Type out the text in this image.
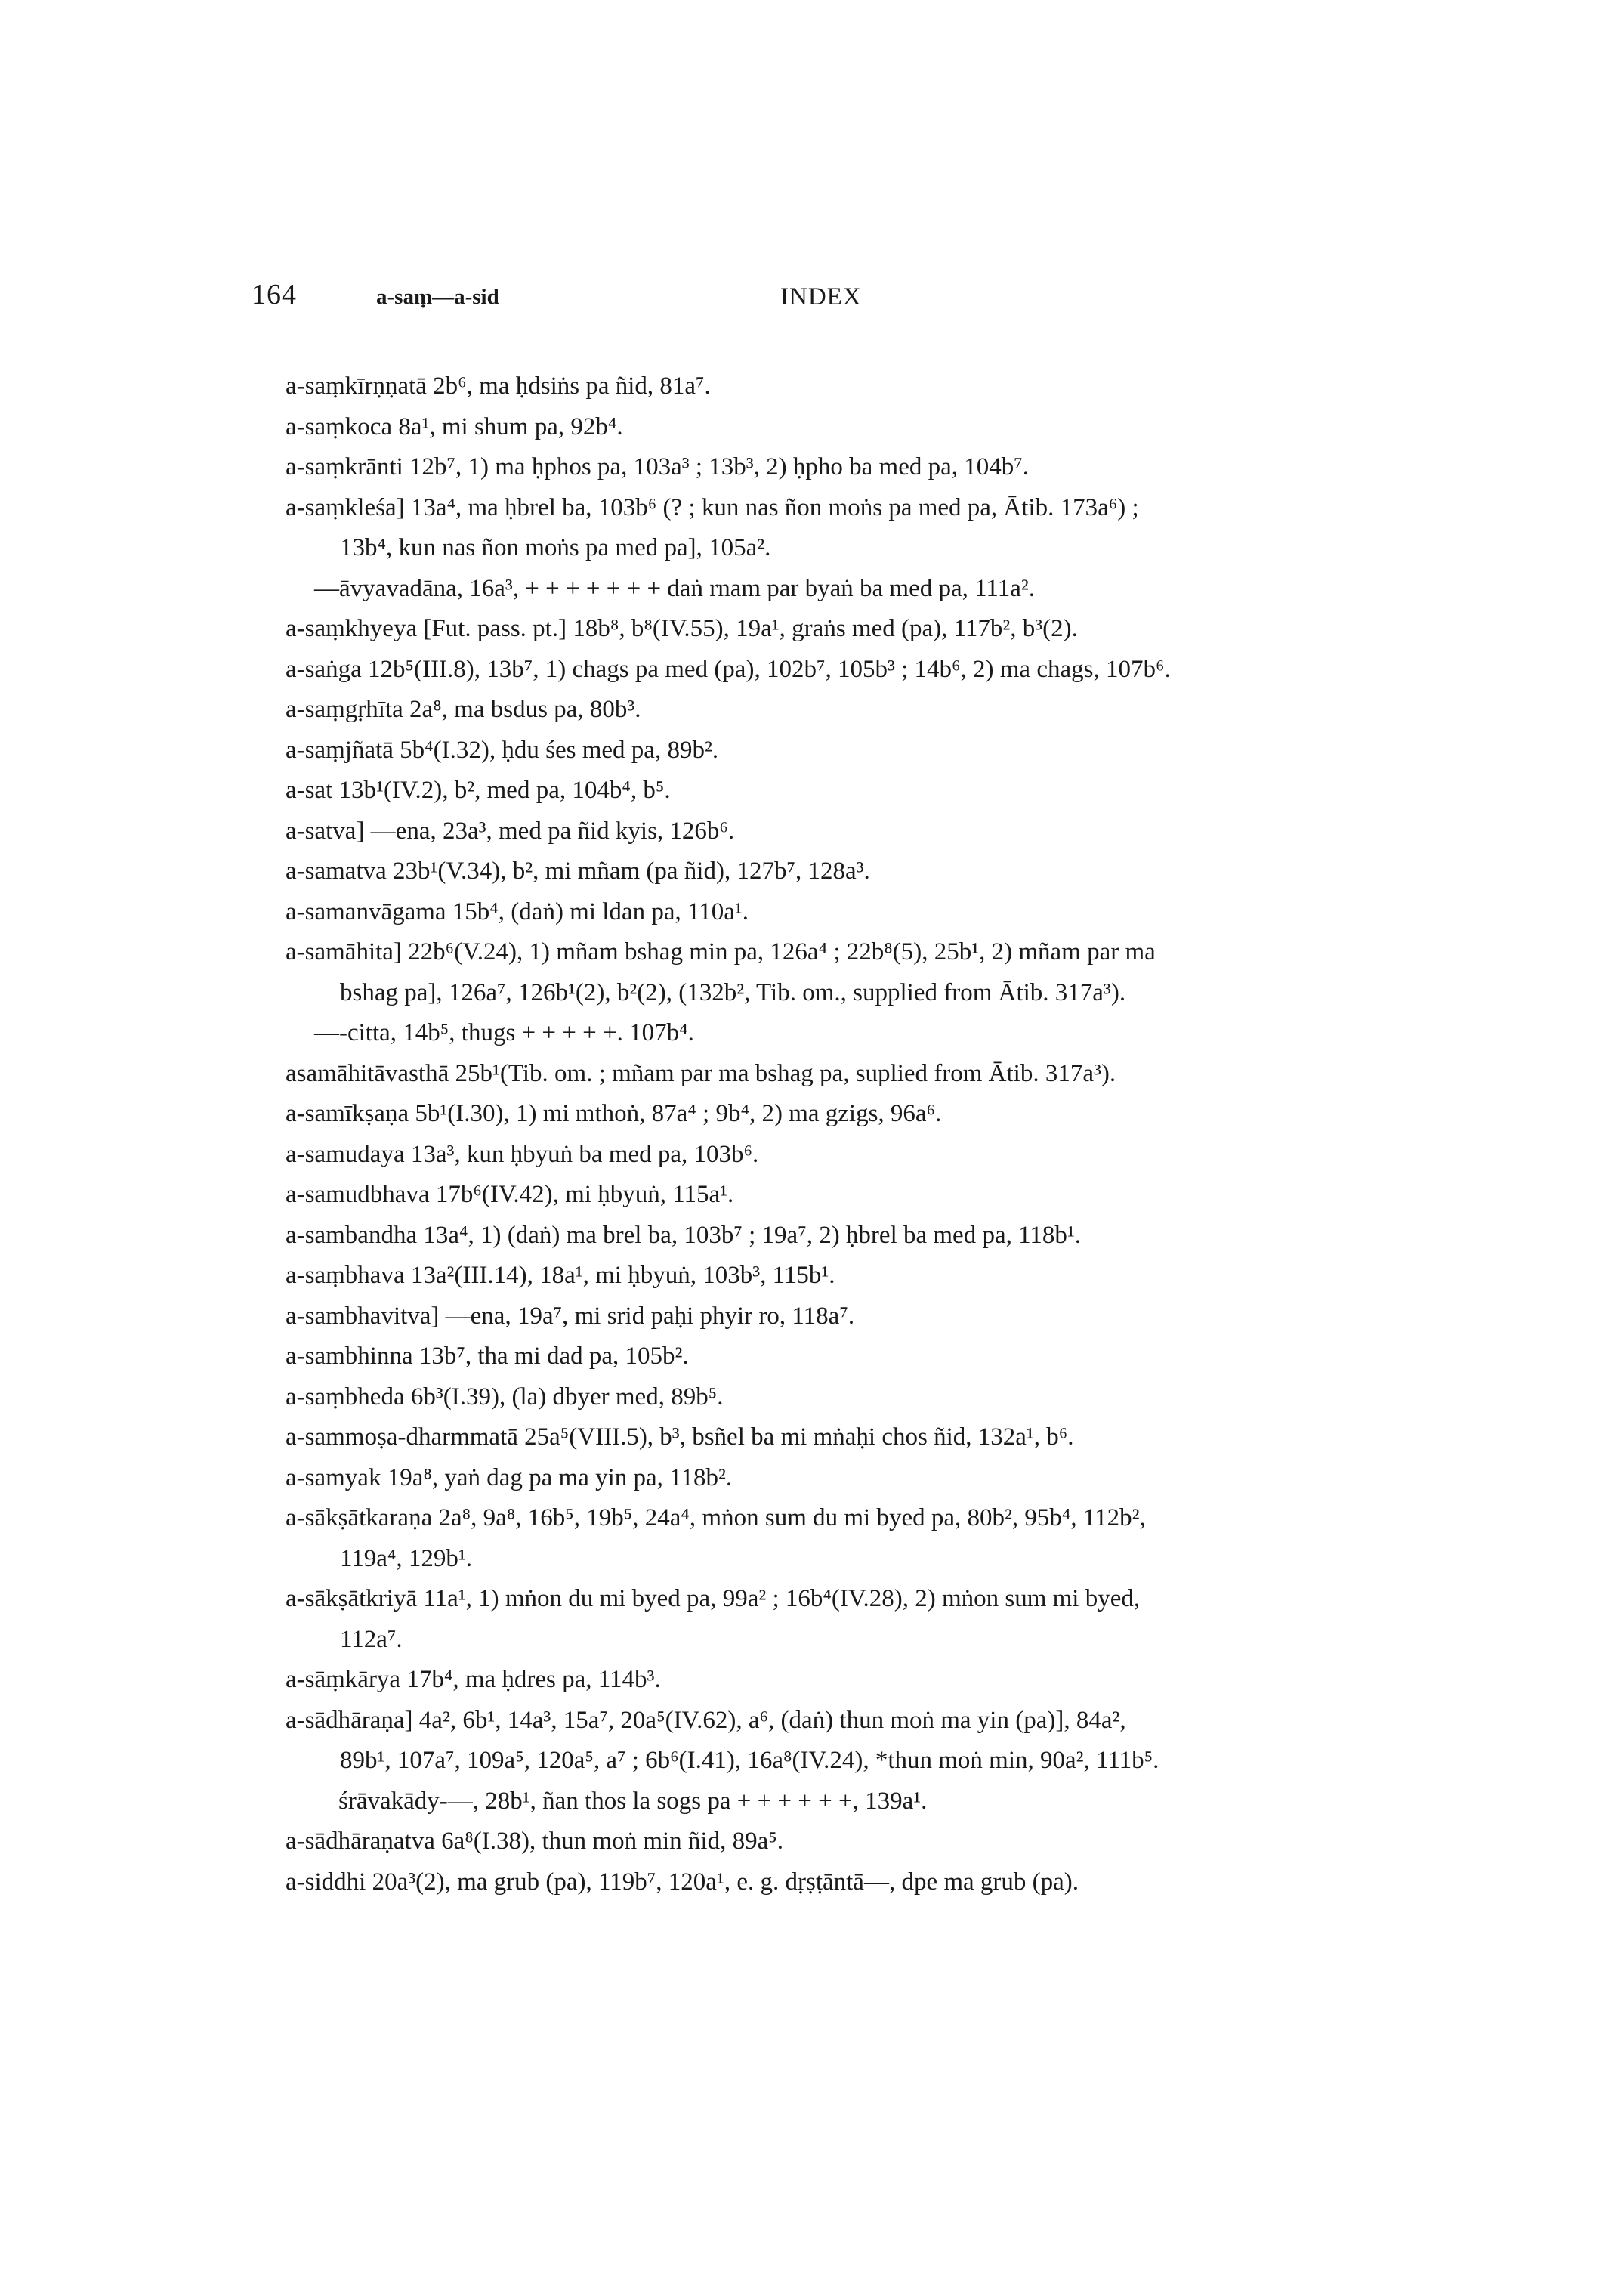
164	a-saṃ—a-sid	INDEX
a-saṃkīrṇṇatā 2b⁶, ma ḥdsiṅs pa ñid, 81a⁷.
a-saṃkoca 8a¹, mi shum pa, 92b⁴.
a-saṃkrānti 12b⁷, 1) ma ḥphos pa, 103a³ ; 13b³, 2) ḥpho ba med pa, 104b⁷.
a-saṃkleśa] 13a⁴, ma ḥbrel ba, 103b⁶ (? ; kun nas ñon moṅs pa med pa, Ātib. 173a⁶) ;
13b⁴, kun nas ñon moṅs pa med pa], 105a².
—āvyavadāna, 16a³, + + + + + + + daṅ rnam par byaṅ ba med pa, 111a².
a-saṃkhyeya [Fut. pass. pt.] 18b⁸, b⁸(IV.55), 19a¹, graṅs med (pa), 117b², b³(2).
a-saṅga 12b⁵(III.8), 13b⁷, 1) chags pa med (pa), 102b⁷, 105b³ ; 14b⁶, 2) ma chags, 107b⁶.
a-saṃgṛhīta 2a⁸, ma bsdus pa, 80b³.
a-saṃjñatā 5b⁴(I.32), ḥdu śes med pa, 89b².
a-sat 13b¹(IV.2), b², med pa, 104b⁴, b⁵.
a-satva] —ena, 23a³, med pa ñid kyis, 126b⁶.
a-samatva 23b¹(V.34), b², mi mñam (pa ñid), 127b⁷, 128a³.
a-samanvāgama 15b⁴, (daṅ) mi ldan pa, 110a¹.
a-samāhita] 22b⁶(V.24), 1) mñam bshag min pa, 126a⁴ ; 22b⁸(5), 25b¹, 2) mñam par ma
bshag pa], 126a⁷, 126b¹(2), b²(2), (132b², Tib. om., supplied from Ātib. 317a³).
—-citta, 14b⁵, thugs + + + + +. 107b⁴.
asamāhitāvasthā 25b¹(Tib. om. ; mñam par ma bshag pa, suplied from Ātib. 317a³).
a-samīkṣaṇa 5b¹(I.30), 1) mi mthoṅ, 87a⁴ ; 9b⁴, 2) ma gzigs, 96a⁶.
a-samudaya 13a³, kun ḥbyuṅ ba med pa, 103b⁶.
a-samudbhava 17b⁶(IV.42), mi ḥbyuṅ, 115a¹.
a-sambandha 13a⁴, 1) (daṅ) ma brel ba, 103b⁷ ; 19a⁷, 2) ḥbrel ba med pa, 118b¹.
a-saṃbhava 13a²(III.14), 18a¹, mi ḥbyuṅ, 103b³, 115b¹.
a-sambhavitva] —ena, 19a⁷, mi srid paḥi phyir ro, 118a⁷.
a-sambhinna 13b⁷, tha mi dad pa, 105b².
a-saṃbheda 6b³(I.39), (la) dbyer med, 89b⁵.
a-sammoṣa-dharmmatā 25a⁵(VIII.5), b³, bsñel ba mi mṅaḥi chos ñid, 132a¹, b⁶.
a-samyak 19a⁸, yaṅ dag pa ma yin pa, 118b².
a-sākṣātkaraṇa 2a⁸, 9a⁸, 16b⁵, 19b⁵, 24a⁴, mṅon sum du mi byed pa, 80b², 95b⁴, 112b²,
119a⁴, 129b¹.
a-sākṣātkriyā 11a¹, 1) mṅon du mi byed pa, 99a² ; 16b⁴(IV.28), 2) mṅon sum mi byed,
112a⁷.
a-sāṃkārya 17b⁴, ma ḥdres pa, 114b³.
a-sādhāraṇa] 4a², 6b¹, 14a³, 15a⁷, 20a⁵(IV.62), a⁶, (daṅ) thun moṅ ma yin (pa)], 84a²,
89b¹, 107a⁷, 109a⁵, 120a⁵, a⁷ ; 6b⁶(I.41), 16a⁸(IV.24), *thun moṅ min, 90a², 111b⁵.
śrāvakādy-—, 28b¹, ñan thos la sogs pa + + + + + +, 139a¹.
a-sādhāraṇatva 6a⁸(I.38), thun moṅ min ñid, 89a⁵.
a-siddhi 20a³(2), ma grub (pa), 119b⁷, 120a¹, e. g. dṛṣṭāntā—, dpe ma grub (pa).
